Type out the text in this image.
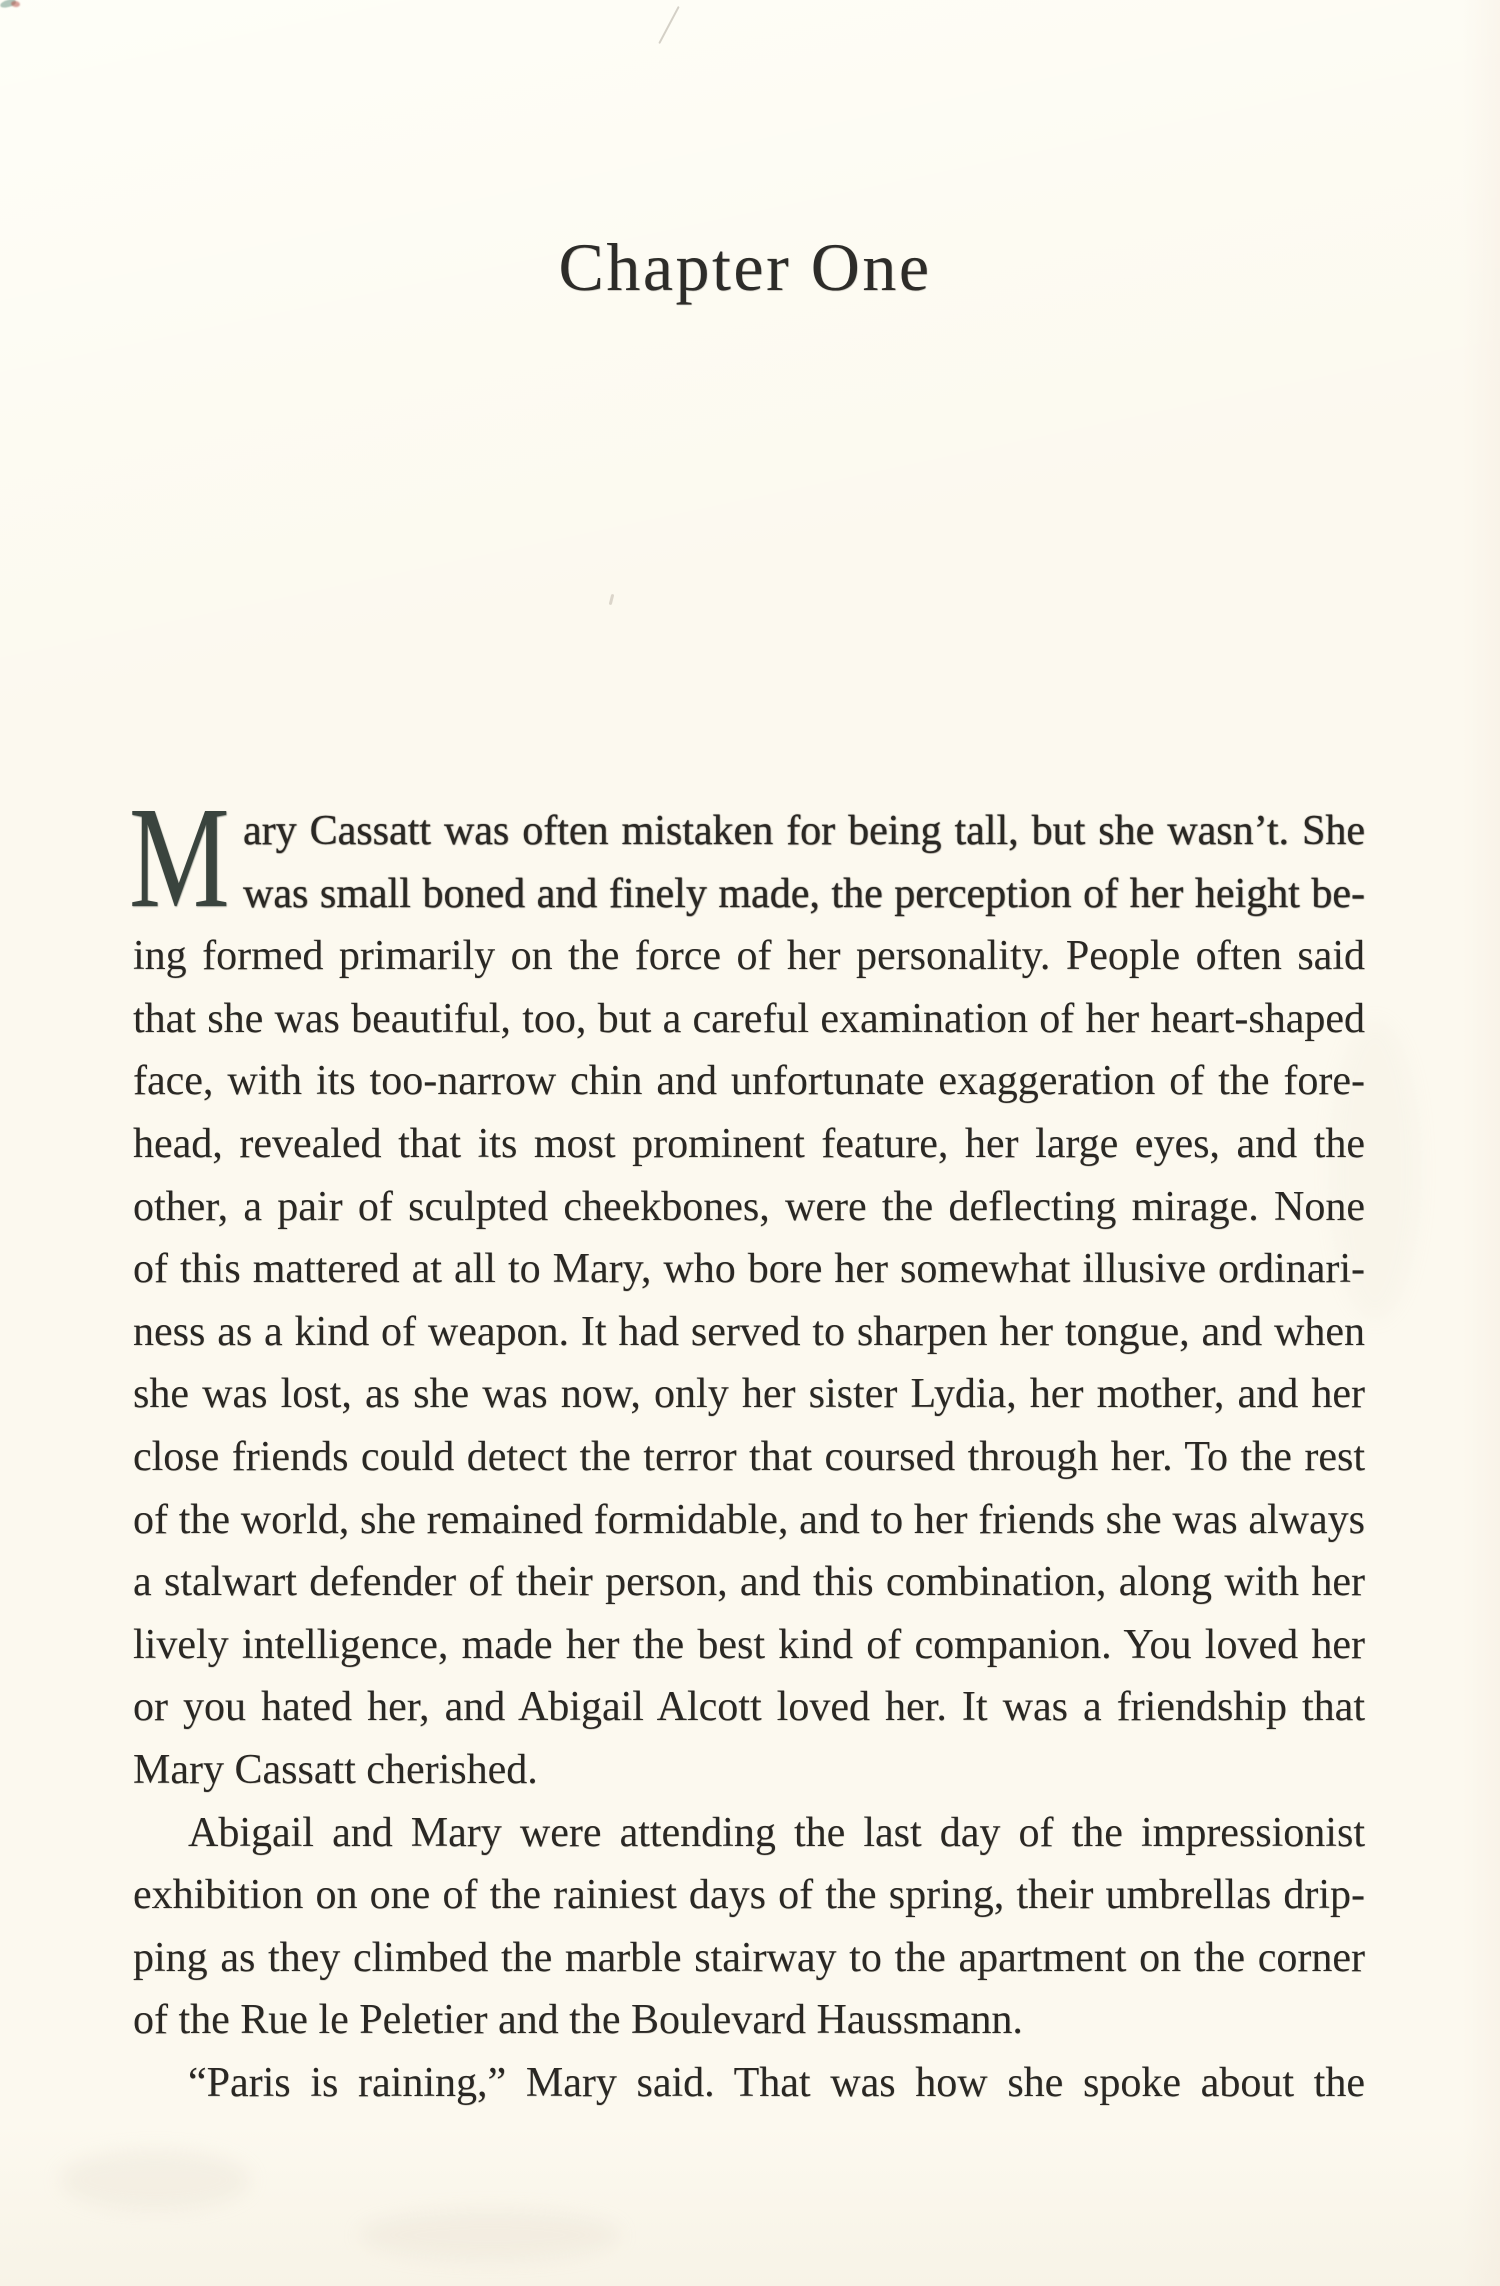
Chapter One
M ary Cassatt was often mistaken for being tall, but she wasn’t. She
was small boned and finely made, the perception of her height be-
ing formed primarily on the force of her personality. People often said
that she was beautiful, too, but a careful examination of her heart-shaped
face, with its too-narrow chin and unfortunate exaggeration of the fore-
head, revealed that its most prominent feature, her large eyes, and the
other, a pair of sculpted cheekbones, were the deflecting mirage. None
of this mattered at all to Mary, who bore her somewhat illusive ordinari-
ness as a kind of weapon. It had served to sharpen her tongue, and when
she was lost, as she was now, only her sister Lydia, her mother, and her
close friends could detect the terror that coursed through her. To the rest
of the world, she remained formidable, and to her friends she was always
a stalwart defender of their person, and this combination, along with her
lively intelligence, made her the best kind of companion. You loved her
or you hated her, and Abigail Alcott loved her. It was a friendship that
Mary Cassatt cherished.
Abigail and Mary were attending the last day of the impressionist
exhibition on one of the rainiest days of the spring, their umbrellas drip-
ping as they climbed the marble stairway to the apartment on the corner
of the Rue le Peletier and the Boulevard Haussmann.
“Paris is raining,” Mary said. That was how she spoke about the
